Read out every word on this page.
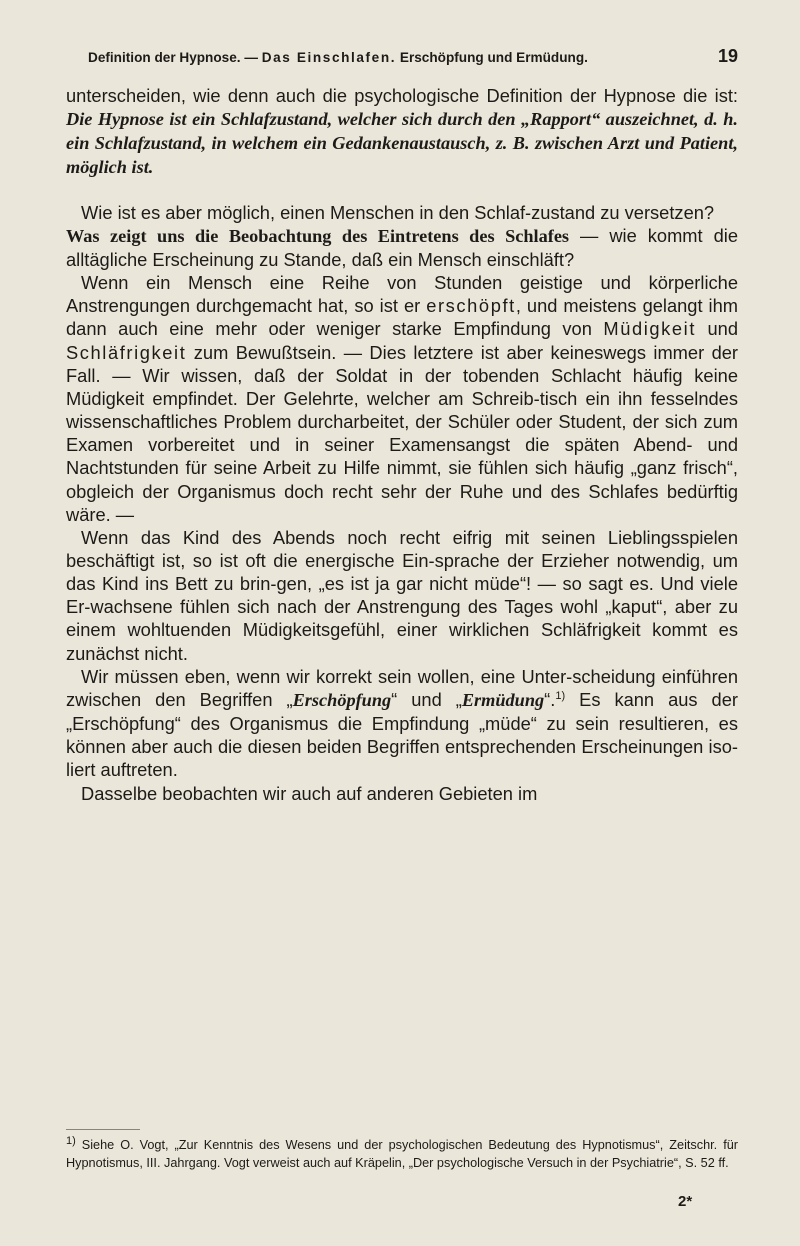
Definition der Hypnose. — Das Einschlafen. Erschöpfung und Ermüdung.	19

unterscheiden, wie denn auch die psychologische Definition der Hypnose die ist: Die Hypnose ist ein Schlafzustand, welcher sich durch den „Rapport“ auszeichnet, d. h. ein Schlafzustand, in welchem ein Gedankenaustausch, z. B. zwischen Arzt und Patient, möglich ist.

Wie ist es aber möglich, einen Menschen in den Schlaf-zustand zu versetzen?
Was zeigt uns die Beobachtung des Eintretens des Schlafes — wie kommt die alltägliche Erscheinung zu Stande, daß ein Mensch einschläft?

Wenn ein Mensch eine Reihe von Stunden geistige und körperliche Anstrengungen durchgemacht hat, so ist er erschöpft, und meistens gelangt ihm dann auch eine mehr oder weniger starke Empfindung von Müdigkeit und Schläfrigkeit zum Bewußtsein. — Dies letztere ist aber keineswegs immer der Fall. — Wir wissen, daß der Soldat in der tobenden Schlacht häufig keine Müdigkeit empfindet. Der Gelehrte, welcher am Schreib-tisch ein ihn fesselndes wissenschaftliches Problem durcharbeitet, der Schüler oder Student, der sich zum Examen vorbereitet und in seiner Examensangst die späten Abend- und Nachtstunden für seine Arbeit zu Hilfe nimmt, sie fühlen sich häufig „ganz frisch“, obgleich der Organismus doch recht sehr der Ruhe und des Schlafes bedürftig wäre. —

Wenn das Kind des Abends noch recht eifrig mit seinen Lieblingsspielen beschäftigt ist, so ist oft die energische Ein-sprache der Erzieher notwendig, um das Kind ins Bett zu brin-gen, „es ist ja gar nicht müde“! — so sagt es. Und viele Er-wachsene fühlen sich nach der Anstrengung des Tages wohl „kaput“, aber zu einem wohltuenden Müdigkeitsgefühl, einer wirklichen Schläfrigkeit kommt es zunächst nicht.

Wir müssen eben, wenn wir korrekt sein wollen, eine Unter-scheidung einführen zwischen den Begriffen „Erschöpfung“ und „Ermüdung“.$^{1)}$ Es kann aus der „Erschöpfung“ des Organismus die Empfindung „müde“ zu sein resultieren, es können aber auch die diesen beiden Begriffen entsprechenden Erscheinungen iso-liert auftreten.

Dasselbe beobachten wir auch auf anderen Gebieten im

$^{1)}$ Siehe O. Vogt, „Zur Kenntnis des Wesens und der psychologischen Bedeutung des Hypnotismus“, Zeitschr. für Hypnotismus, III. Jahrgang. Vogt verweist auch auf Kräpelin, „Der psychologische Versuch in der Psychiatrie“, S. 52 ff.

2*
